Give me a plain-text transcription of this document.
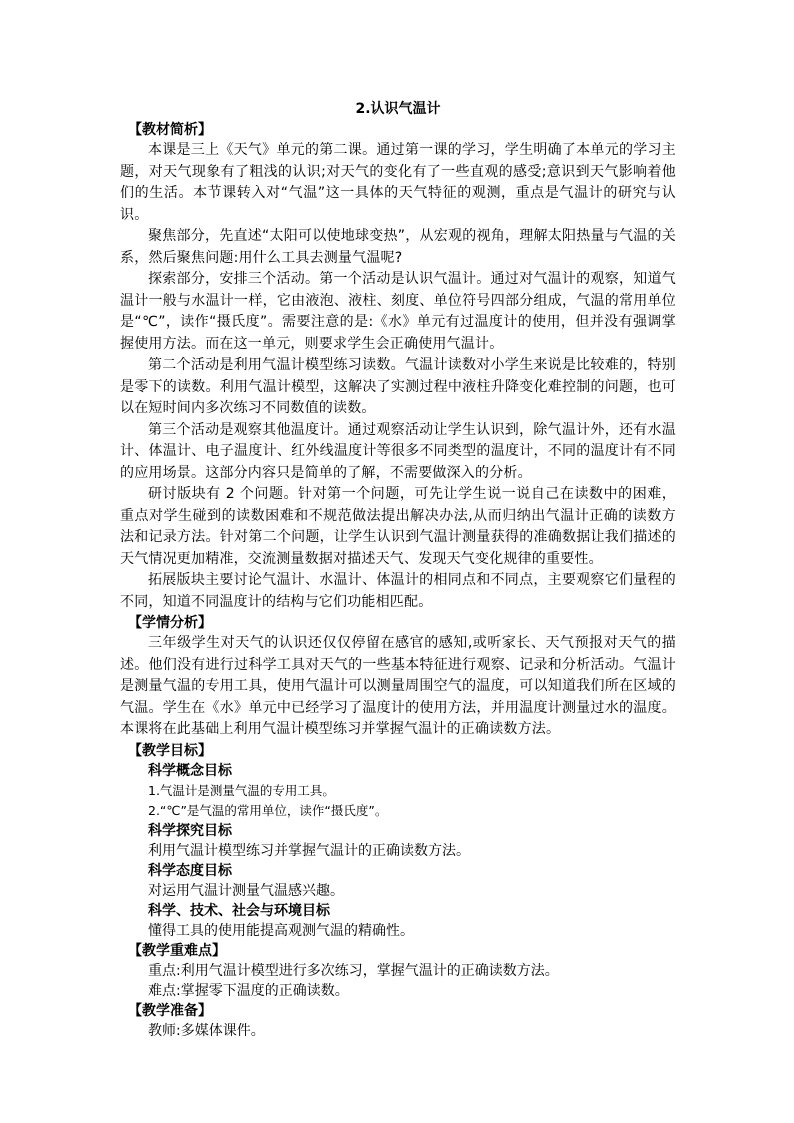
2.认识气温计

【教材简析】

本课是三上《天气》单元的第二课。通过第一课的学习，学生明确了本单元的学习主题，对天气现象有了粗浅的认识;对天气的变化有了一些直观的感受;意识到天气影响着他们的生活。本节课转入对“气温”这一具体的天气特征的观测，重点是气温计的研究与认识。

聚焦部分，先直述“太阳可以使地球变热”，从宏观的视角，理解太阳热量与气温的关系，然后聚焦问题:用什么工具去测量气温呢?

探索部分，安排三个活动。第一个活动是认识气温计。通过对气温计的观察，知道气温计一般与水温计一样，它由液泡、液柱、刻度、单位符号四部分组成，气温的常用单位是“℃”，读作“摄氏度”。需要注意的是:《水》单元有过温度计的使用，但并没有强调掌握使用方法。而在这一单元，则要求学生会正确使用气温计。

第二个活动是利用气温计模型练习读数。气温计读数对小学生来说是比较难的，特别是零下的读数。利用气温计模型，这解决了实测过程中液柱升降变化难控制的问题，也可以在短时间内多次练习不同数值的读数。

第三个活动是观察其他温度计。通过观察活动让学生认识到，除气温计外，还有水温计、体温计、电子温度计、红外线温度计等很多不同类型的温度计，不同的温度计有不同的应用场景。这部分内容只是简单的了解，不需要做深入的分析。

研讨版块有 2 个问题。针对第一个问题，可先让学生说一说自己在读数中的困难，重点对学生碰到的读数困难和不规范做法提出解决办法,从而归纳出气温计正确的读数方法和记录方法。针对第二个问题，让学生认识到气温计测量获得的准确数据让我们描述的天气情况更加精准，交流测量数据对描述天气、发现天气变化规律的重要性。

拓展版块主要讨论气温计、水温计、体温计的相同点和不同点，主要观察它们量程的不同，知道不同温度计的结构与它们功能相匹配。

【学情分析】

三年级学生对天气的认识还仅仅停留在感官的感知,或听家长、天气预报对天气的描述。他们没有进行过科学工具对天气的一些基本特征进行观察、记录和分析活动。气温计是测量气温的专用工具，使用气温计可以测量周围空气的温度，可以知道我们所在区域的气温。学生在《水》单元中已经学习了温度计的使用方法，并用温度计测量过水的温度。本课将在此基础上利用气温计模型练习并掌握气温计的正确读数方法。

【教学目标】

科学概念目标

1.气温计是测量气温的专用工具。

2.“℃”是气温的常用单位，读作“摄氏度”。

科学探究目标

利用气温计模型练习并掌握气温计的正确读数方法。

科学态度目标

对运用气温计测量气温感兴趣。

科学、技术、社会与环境目标

懂得工具的使用能提高观测气温的精确性。

【教学重难点】

重点:利用气温计模型进行多次练习，掌握气温计的正确读数方法。

难点:掌握零下温度的正确读数。

【教学准备】

教师:多媒体课件。
